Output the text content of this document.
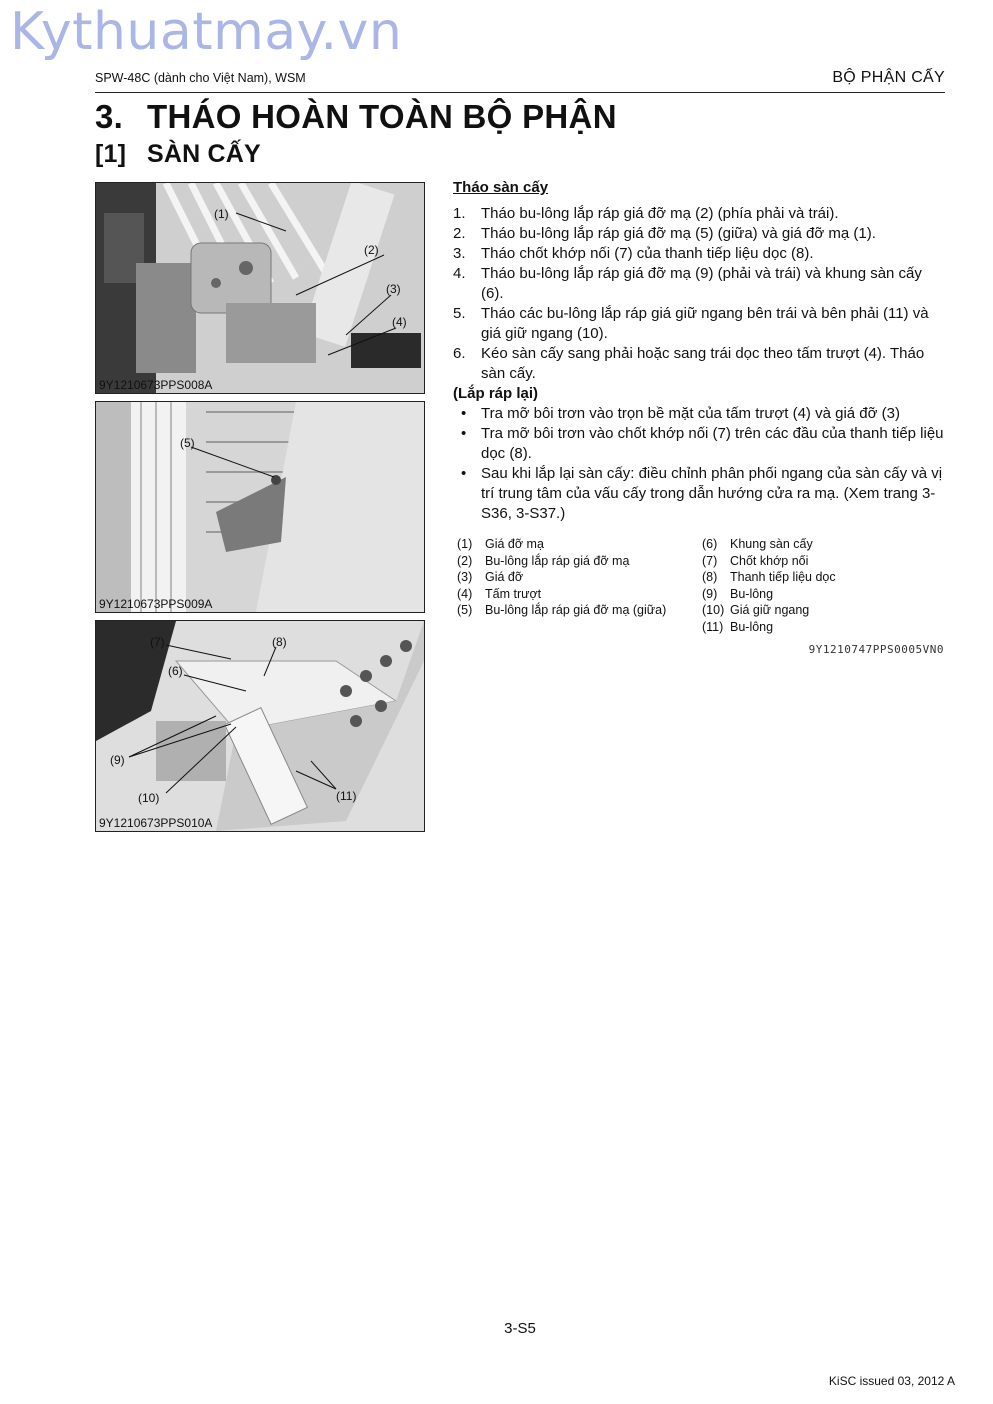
Kythuatmay.vn
SPW-48C (dành cho Việt Nam), WSM	BỘ PHẬN CẤY
3. THÁO HOÀN TOÀN BỘ PHẬN
[1] SÀN CẤY
(1)
(2)
(3)
(4)
9Y1210673PPS008A
(5)
9Y1210673PPS009A
(7)	(8)
(6)
(9)
(10)	(11)
9Y1210673PPS010A
Tháo sàn cấy
1. Tháo bu-lông lắp ráp giá đỡ mạ (2) (phía phải và trái).
2. Tháo bu-lông lắp ráp giá đỡ mạ (5) (giữa) và giá đỡ mạ (1).
3. Tháo chốt khớp nối (7) của thanh tiếp liệu dọc (8).
4. Tháo bu-lông lắp ráp giá đỡ mạ (9) (phải và trái) và khung sàn cấy (6).
5. Tháo các bu-lông lắp ráp giá giữ ngang bên trái và bên phải (11) và giá giữ ngang (10).
6. Kéo sàn cấy sang phải hoặc sang trái dọc theo tấm trượt (4). Tháo sàn cấy.
(Lắp ráp lại)
• Tra mỡ bôi trơn vào trọn bề mặt của tấm trượt (4) và giá đỡ (3)
• Tra mỡ bôi trơn vào chốt khớp nối (7) trên các đầu của thanh tiếp liệu dọc (8).
• Sau khi lắp lại sàn cấy: điều chỉnh phân phối ngang của sàn cấy và vị trí trung tâm của vấu cấy trong dẫn hướng cửa ra mạ. (Xem trang 3-S36, 3-S37.)
(1) Giá đỡ mạ
(2) Bu-lông lắp ráp giá đỡ mạ
(3) Giá đỡ
(4) Tấm trượt
(5) Bu-lông lắp ráp giá đỡ mạ (giữa)
(6) Khung sàn cấy
(7) Chốt khớp nối
(8) Thanh tiếp liệu dọc
(9) Bu-lông
(10) Giá giữ ngang
(11) Bu-lông
9Y1210747PPS0005VN0
3-S5
KiSC issued 03, 2012 A
